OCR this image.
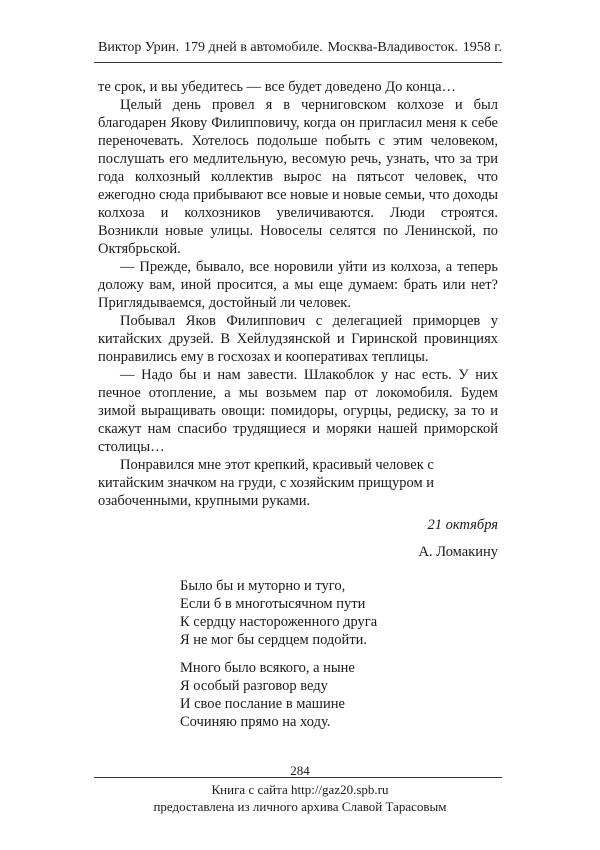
Виктор Урин. 179 дней в автомобиле. Москва-Владивосток. 1958 г.

те срок, и вы убедитесь — все будет доведено До конца…

Целый день провел я в черниговском колхозе и был благодарен Якову Филипповичу, когда он пригласил меня к себе переночевать. Хотелось подольше побыть с этим человеком, послушать его медлительную, весомую речь, узнать, что за три года колхозный коллектив вырос на пятьсот человек, что ежегодно сюда прибывают все новые и новые семьи, что доходы колхоза и колхозников увеличиваются. Люди строятся. Возникли новые улицы. Новоселы селятся по Ленинской, по Октябрьской.

— Прежде, бывало, все норовили уйти из колхоза, а теперь доложу вам, иной просится, а мы еще думаем: брать или нет? Приглядываемся, достойный ли человек.

Побывал Яков Филиппович с делегацией приморцев у китайских друзей. В Хейлудзянской и Гиринской провинциях понравились ему в госхозах и кооперативах теплицы.

— Надо бы и нам завести. Шлакоблок у нас есть. У них печное отопление, а мы возьмем пар от локомобиля. Будем зимой выращивать овощи: помидоры, огурцы, редиску, за то и скажут нам спасибо трудящиеся и моряки нашей приморской столицы…

Понравился мне этот крепкий, красивый человек с китайским значком на груди, с хозяйским прищуром и озабоченными, крупными руками.

21 октября
А. Ломакину
Было бы и муторно и туго,
Если б в многотысячном пути
К сердцу настороженного друга
Я не мог бы сердцем подойти.
Много было всякого, а ныне
Я особый разговор веду
И свое послание в машине
Сочиняю прямо на ходу.
284
Книга с сайта http://gaz20.spb.ru
предоставлена из личного архива Славой Тарасовым
